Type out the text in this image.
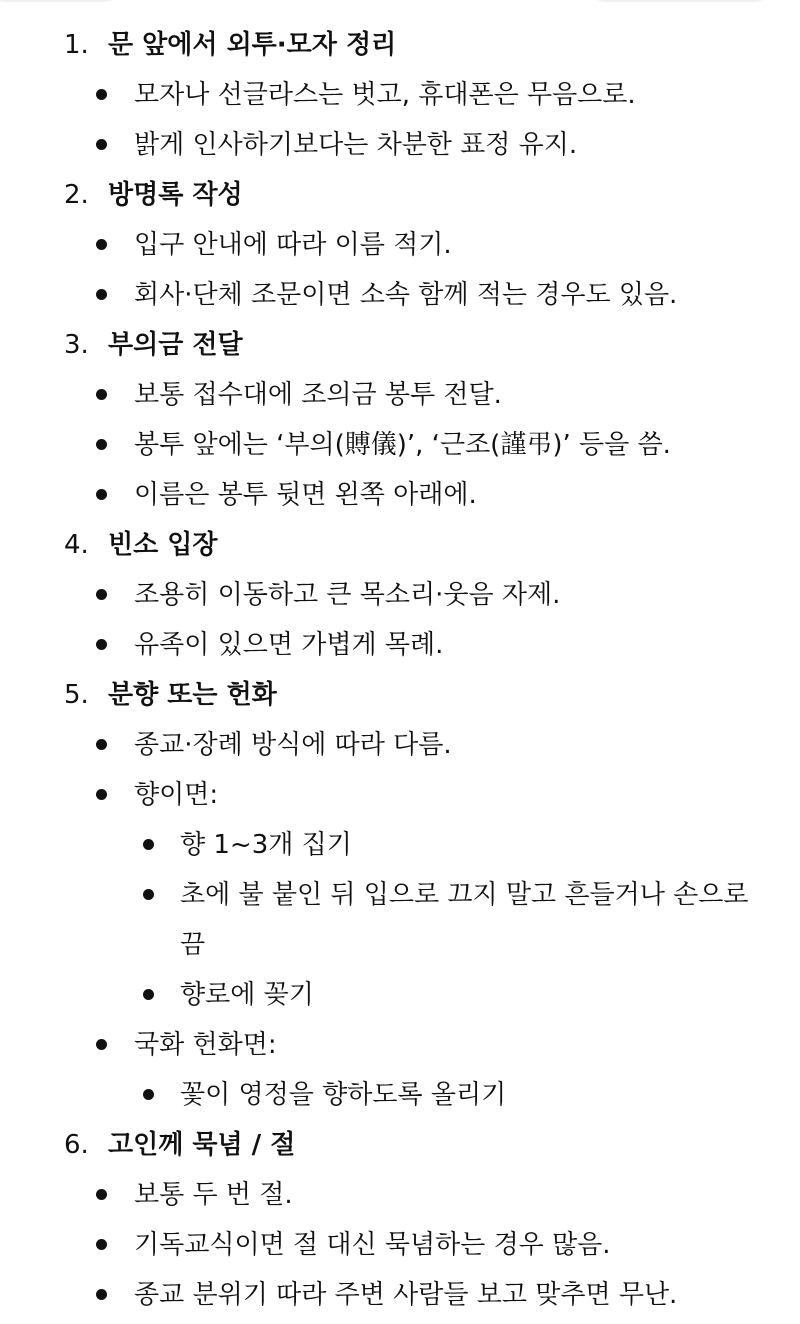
1. 문 앞에서 외투·모자 정리
모자나 선글라스는 벗고, 휴대폰은 무음으로.
밝게 인사하기보다는 차분한 표정 유지.
2. 방명록 작성
입구 안내에 따라 이름 적기.
회사·단체 조문이면 소속 함께 적는 경우도 있음.
3. 부의금 전달
보통 접수대에 조의금 봉투 전달.
봉투 앞에는 ‘부의(賻儀)’, ‘근조(謹弔)’ 등을 씀.
이름은 봉투 뒷면 왼쪽 아래에.
4. 빈소 입장
조용히 이동하고 큰 목소리·웃음 자제.
유족이 있으면 가볍게 목례.
5. 분향 또는 헌화
종교·장례 방식에 따라 다름.
향이면:
향 1~3개 집기
초에 불 붙인 뒤 입으로 끄지 말고 흔들거나 손으로 끔
향로에 꽂기
국화 헌화면:
꽃이 영정을 향하도록 올리기
6. 고인께 묵념 / 절
보통 두 번 절.
기독교식이면 절 대신 묵념하는 경우 많음.
종교 분위기 따라 주변 사람들 보고 맞추면 무난.
